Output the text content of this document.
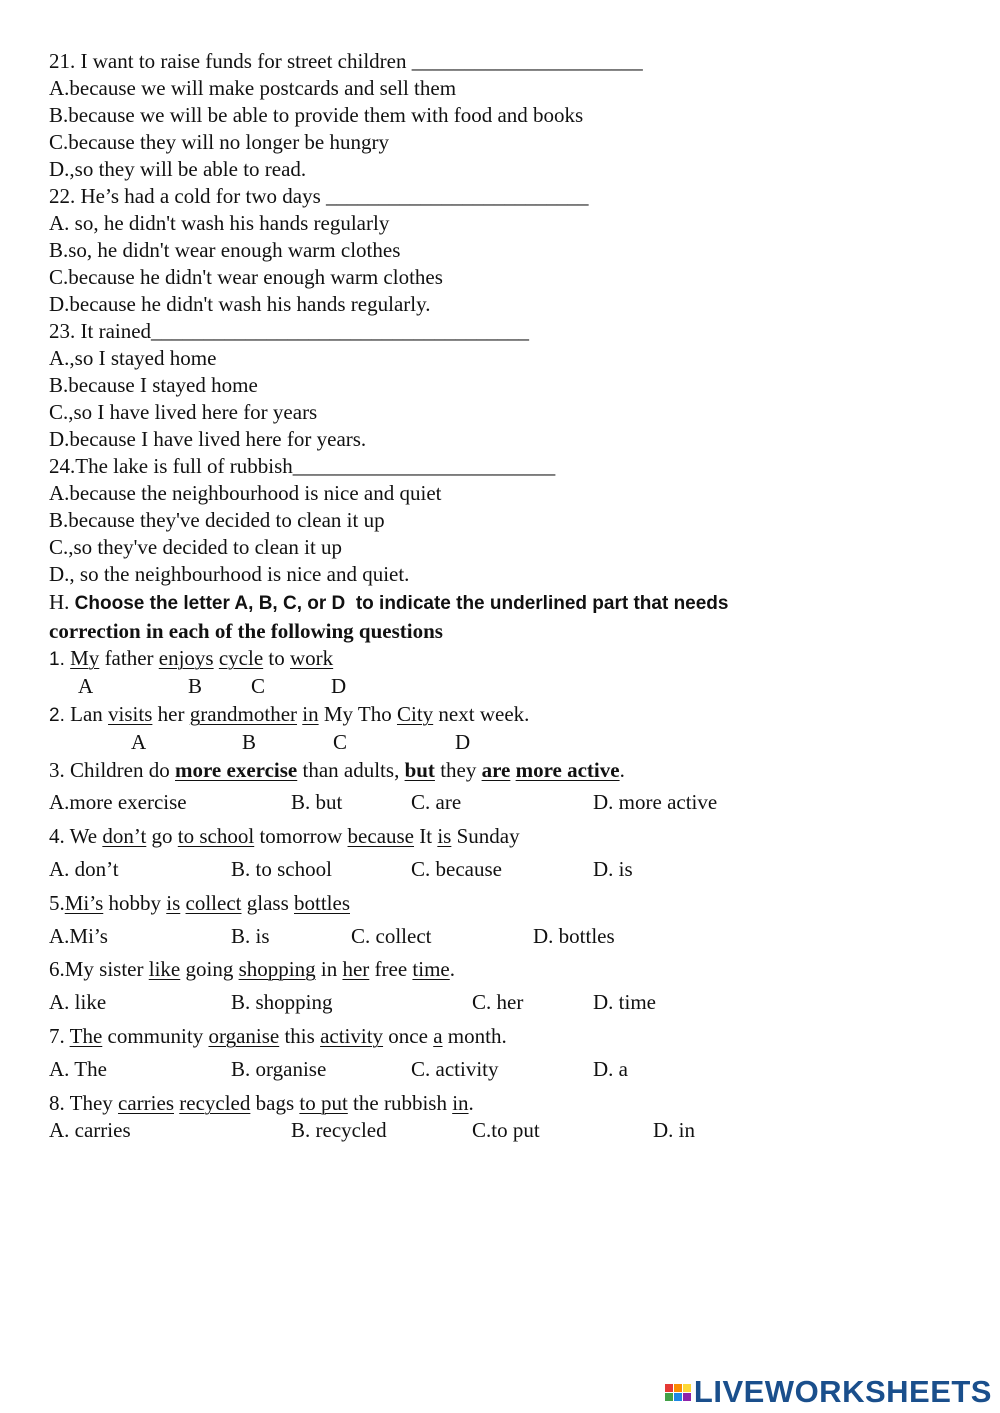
21. I want to raise funds for street children ______________________
A.because we will make postcards and sell them
B.because we will be able to provide them with food and books
C.because they will no longer be hungry
D.,so they will be able to read.
22. He’s had a cold for two days _________________________
A. so, he didn't wash his hands regularly
B.so, he didn't wear enough warm clothes
C.because he didn't wear enough warm clothes
D.because he didn't wash his hands regularly.
23. It rained____________________________________
A.,so I stayed home
B.because I stayed home
C.,so I have lived here for years
D.because I have lived here for years.
24.The lake is full of rubbish_________________________
A.because the neighbourhood is nice and quiet
B.because they've decided to clean it up
C.,so they've decided to clean it up
D., so the neighbourhood is nice and quiet.
H. Choose the letter A, B, C, or D  to indicate the underlined part that needs
correction in each of the following questions
1. My father enjoys cycle to work
A	B C	D
2. Lan visits her grandmother in My Tho City next week.
A	B	C	D
3. Children do more exercise than adults, but they are more active.
A.more exercise	B. but	C. are	D. more active
4. We don’t go to school tomorrow because It is Sunday
A. don’t	B. to school	C. because	D. is
5.Mi’s hobby is collect glass bottles
A.Mi’s	B. is	C. collect	D. bottles
6.My sister like going shopping in her free time.
A. like	B. shopping	C. her	D. time
7. The community organise this activity once a month.
A. The	B. organise	C. activity	D. a
8. They carries recycled bags to put the rubbish in.
A. carries	B. recycled	C.to put	D. in
LIVEWORKSHEETS
